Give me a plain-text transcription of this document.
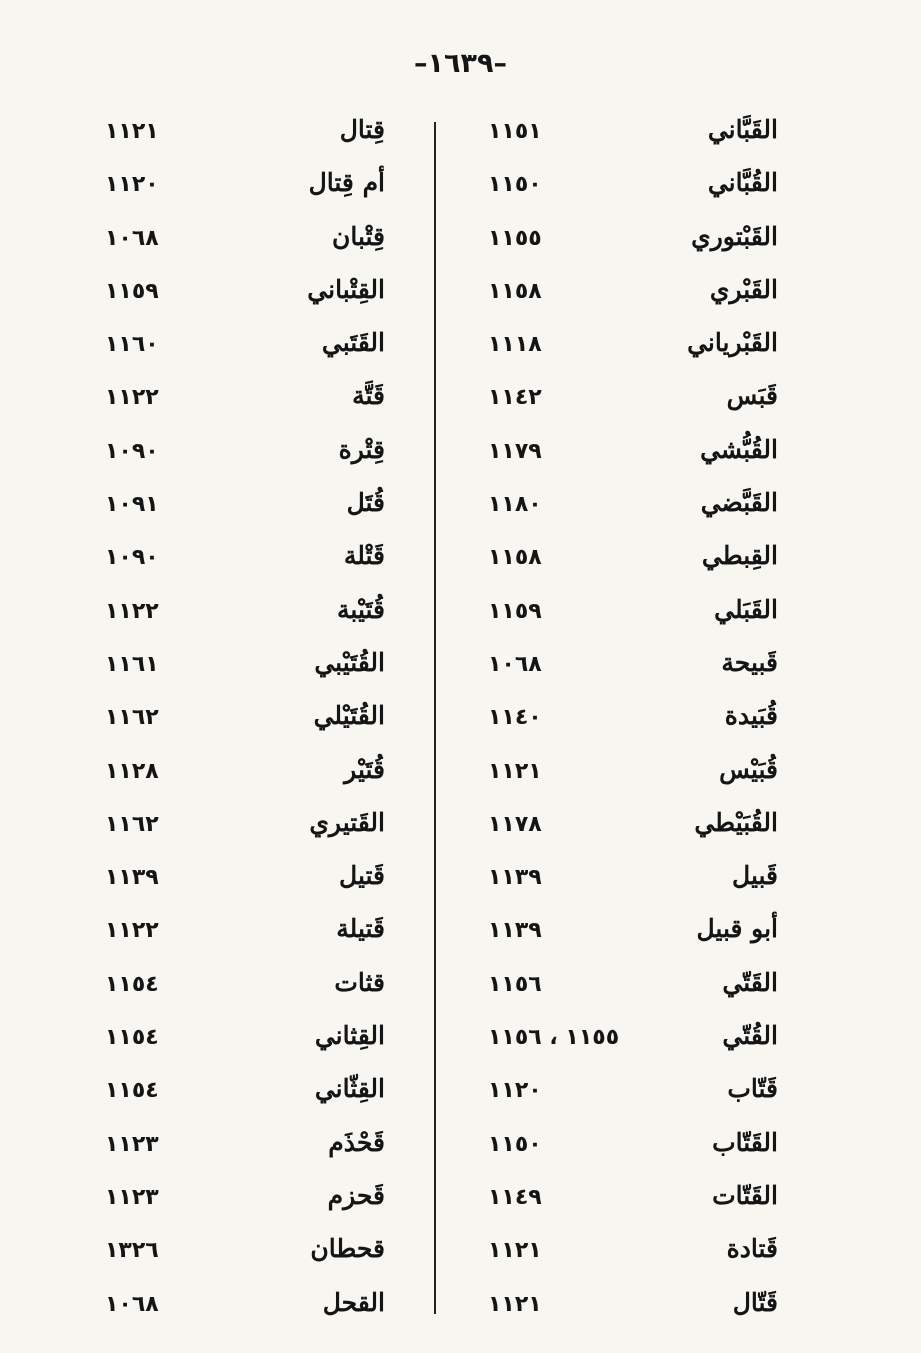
–١٦٣٩–
القَبَّاني
١١٥١
القُبَّاني
١١٥٠
القَبْتوري
١١٥٥
القَبْري
١١٥٨
القَبْرياني
١١١٨
قَبَس
١١٤٢
القُبُّشي
١١٧٩
القَبَّضي
١١٨٠
القِبطي
١١٥٨
القَبَلي
١١٥٩
قَبيحة
١٠٦٨
قُبَيدة
١١٤٠
قُبَيْس
١١٢١
القُبَيْطي
١١٧٨
قَبيل
١١٣٩
أبو قبيل
١١٣٩
القَتّي
١١٥٦
القُتّي
١١٥٥ ، ١١٥٦
قَتّاب
١١٢٠
القَتّاب
١١٥٠
القَتّات
١١٤٩
قَتادة
١١٢١
قَتّال
١١٢١
قِتال
١١٢١
أم قِتال
١١٢٠
قِتْبان
١٠٦٨
القِتْباني
١١٥٩
القَتَبي
١١٦٠
قَتَّة
١١٢٢
قِتْرة
١٠٩٠
قُتَل
١٠٩١
قَتْلة
١٠٩٠
قُتَيْبة
١١٢٢
القُتَيْبي
١١٦١
القُتَيْلي
١١٦٢
قُتَيْر
١١٢٨
القَتيري
١١٦٢
قَتيل
١١٣٩
قَتيلة
١١٢٢
قثات
١١٥٤
القِثاني
١١٥٤
القِثّاني
١١٥٤
قَحْذَم
١١٢٣
قَحزم
١١٢٣
قحطان
١٣٢٦
القحل
١٠٦٨
